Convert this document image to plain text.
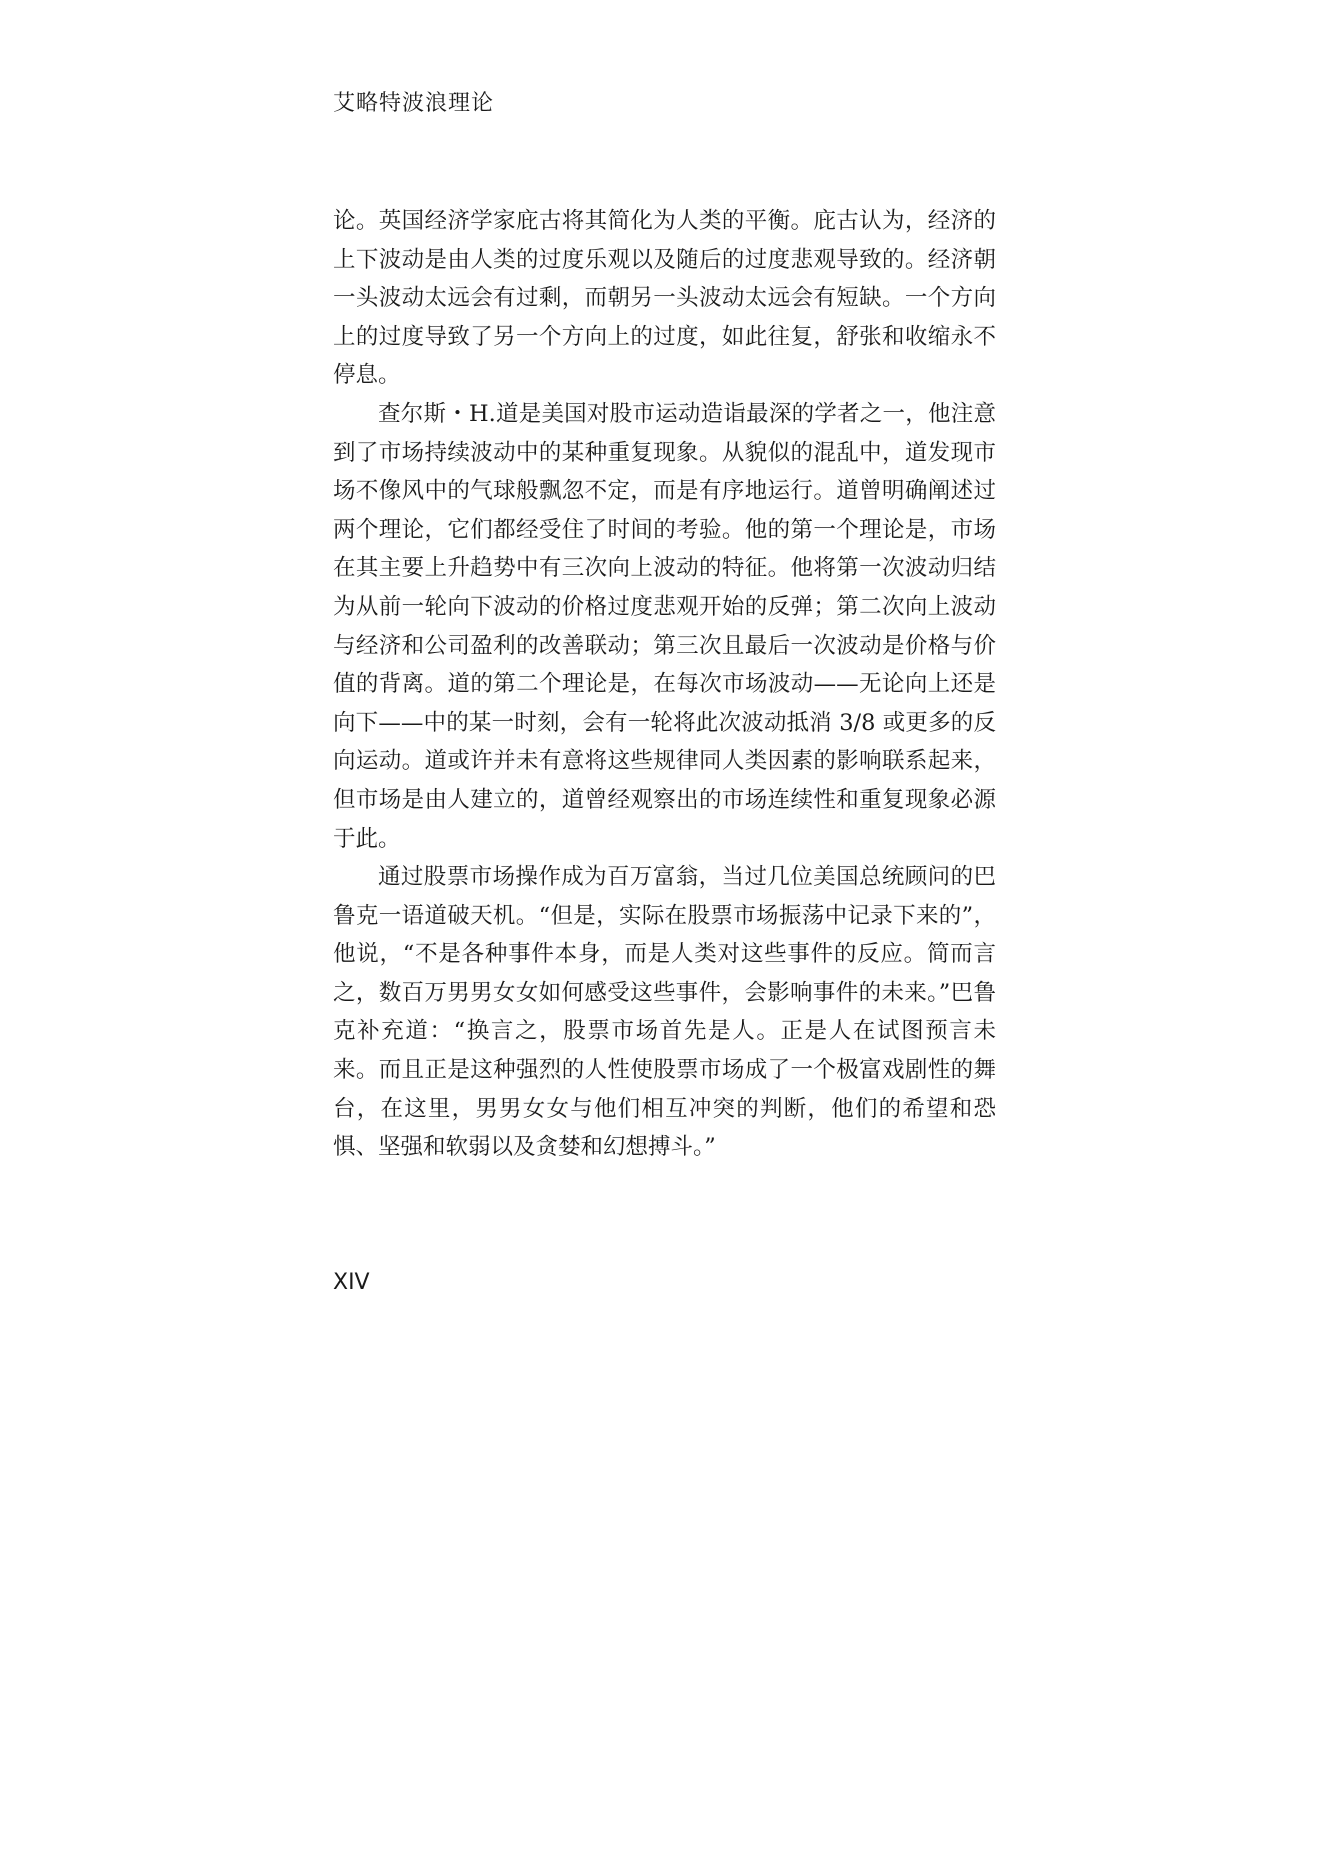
艾略特波浪理论

论。英国经济学家庇古将其简化为人类的平衡。庇古认为，经济的上下波动是由人类的过度乐观以及随后的过度悲观导致的。经济朝一头波动太远会有过剩，而朝另一头波动太远会有短缺。一个方向上的过度导致了另一个方向上的过度，如此往复，舒张和收缩永不停息。

查尔斯・H.道是美国对股市运动造诣最深的学者之一，他注意到了市场持续波动中的某种重复现象。从貌似的混乱中，道发现市场不像风中的气球般飘忽不定，而是有序地运行。道曾明确阐述过两个理论，它们都经受住了时间的考验。他的第一个理论是，市场在其主要上升趋势中有三次向上波动的特征。他将第一次波动归结为从前一轮向下波动的价格过度悲观开始的反弹；第二次向上波动与经济和公司盈利的改善联动；第三次且最后一次波动是价格与价值的背离。道的第二个理论是，在每次市场波动——无论向上还是向下——中的某一时刻，会有一轮将此次波动抵消 3/8 或更多的反向运动。道或许并未有意将这些规律同人类因素的影响联系起来，但市场是由人建立的，道曾经观察出的市场连续性和重复现象必源于此。

通过股票市场操作成为百万富翁，当过几位美国总统顾问的巴鲁克一语道破天机。“但是，实际在股票市场振荡中记录下来的”，他说，“不是各种事件本身，而是人类对这些事件的反应。简而言之，数百万男男女女如何感受这些事件，会影响事件的未来。”巴鲁克补充道：“换言之，股票市场首先是人。正是人在试图预言未来。而且正是这种强烈的人性使股票市场成了一个极富戏剧性的舞台，在这里，男男女女与他们相互冲突的判断，他们的希望和恐惧、坚强和软弱以及贪婪和幻想搏斗。”

XIV
